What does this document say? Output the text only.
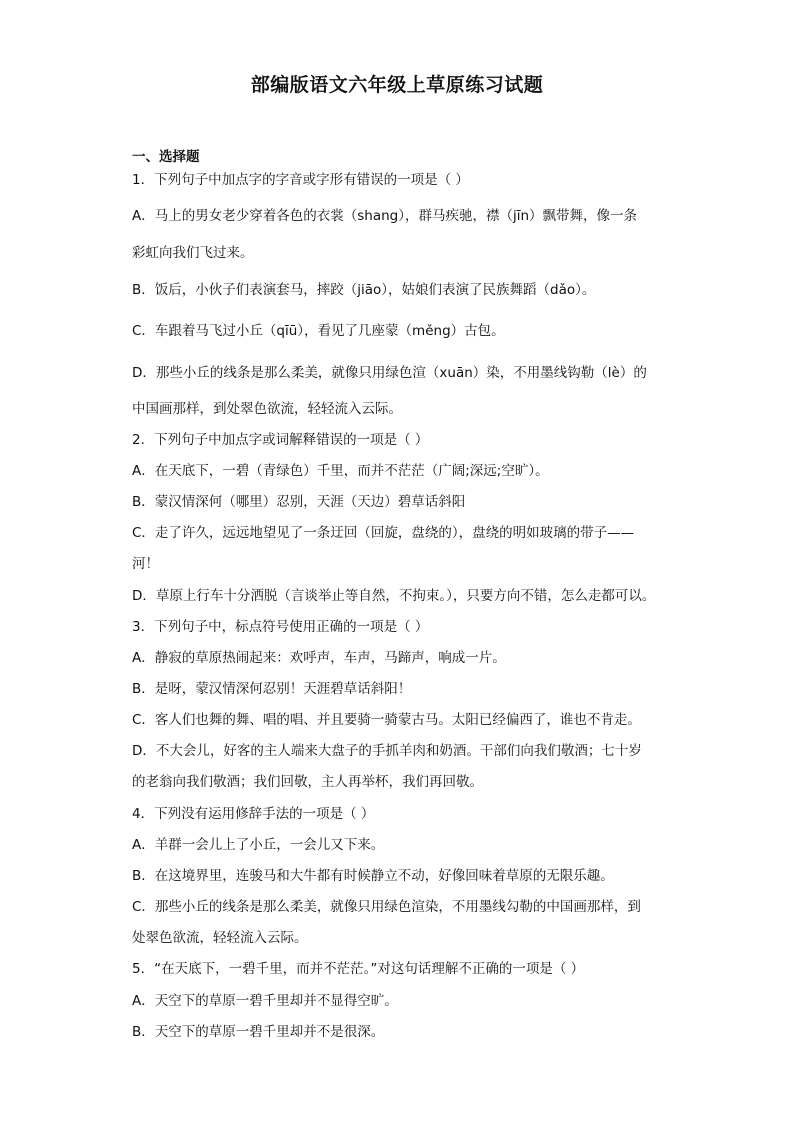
部编版语文六年级上草原练习试题
一、选择题
1．下列句子中加点字的字音或字形有错误的一项是（ ）
A．马上的男女老少穿着各色的衣裳（shang），群马疾驰，襟（jīn）飘带舞，像一条
彩虹向我们飞过来。
B．饭后，小伙子们表演套马，摔跤（jiāo），姑娘们表演了民族舞蹈（dǎo）。
C．车跟着马飞过小丘（qīū），看见了几座蒙（měng）古包。
D．那些小丘的线条是那么柔美，就像只用绿色渲（xuān）染，不用墨线钩勒（lè）的
中国画那样，到处翠色欲流，轻轻流入云际。
2．下列句子中加点字或词解释错误的一项是（ ）
A．在天底下，一碧（青绿色）千里，而并不茫茫（广阔;深远;空旷）。
B．蒙汉情深何（哪里）忍别，天涯（天边）碧草话斜阳
C．走了许久，远远地望见了一条迂回（回旋，盘绕的），盘绕的明如玻璃的带子——
河！
D．草原上行车十分洒脱（言谈举止等自然，不拘束。），只要方向不错，怎么走都可以。
3．下列句子中，标点符号使用正确的一项是（ ）
A．静寂的草原热闹起来：欢呼声，车声，马蹄声，响成一片。
B．是呀，蒙汉情深何忍别！天涯碧草话斜阳！
C．客人们也舞的舞、唱的唱、并且要骑一骑蒙古马。太阳已经偏西了，谁也不肯走。
D．不大会儿，好客的主人端来大盘子的手抓羊肉和奶酒。干部们向我们敬酒；七十岁
的老翁向我们敬酒；我们回敬，主人再举杯，我们再回敬。
4．下列没有运用修辞手法的一项是（ ）
A．羊群一会儿上了小丘，一会儿又下来。
B．在这境界里，连骏马和大牛都有时候静立不动，好像回味着草原的无限乐趣。
C．那些小丘的线条是那么柔美，就像只用绿色渲染，不用墨线勾勒的中国画那样，到
处翠色欲流，轻轻流入云际。
5．“在天底下，一碧千里，而并不茫茫。”对这句话理解不正确的一项是（ ）
A．天空下的草原一碧千里却并不显得空旷。
B．天空下的草原一碧千里却并不是很深。
